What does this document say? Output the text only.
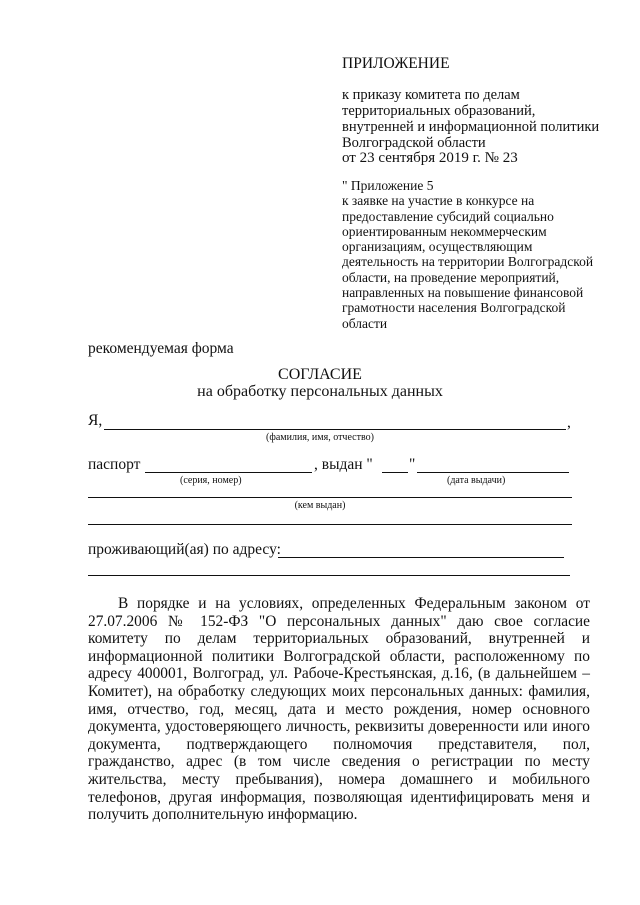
ПРИЛОЖЕНИЕ
к приказу комитета по делам
территориальных образований,
внутренней и информационной политики
Волгоградской области
от 23 сентября 2019 г. № 23
" Приложение 5
к заявке на участие в конкурсе на
предоставление субсидий социально
ориентированным некоммерческим
организациям, осуществляющим
деятельность на территории Волгоградской
области, на проведение мероприятий,
направленных на повышение финансовой
грамотности населения Волгоградской
области
рекомендуемая форма
СОГЛАСИЕ
на обработку персональных данных
Я,	,
(фамилия, имя, отчество)
паспорт	, выдан " "
(серия, номер)	(дата выдачи)
(кем выдан)
проживающий(ая) по адресу:
В порядке и на условиях, определенных Федеральным законом от 27.07.2006 № 152-ФЗ "О персональных данных" даю свое согласие комитету по делам территориальных образований, внутренней и информационной политики Волгоградской области, расположенному по адресу 400001, Волгоград, ул. Рабоче-Крестьянская, д.16, (в дальнейшем – Комитет), на обработку следующих моих персональных данных: фамилия, имя, отчество, год, месяц, дата и место рождения, номер основного документа, удостоверяющего личность, реквизиты доверенности или иного документа, подтверждающего полномочия представителя, пол, гражданство, адрес (в том числе сведения о регистрации по месту жительства, месту пребывания), номера домашнего и мобильного телефонов, другая информация, позволяющая идентифицировать меня и получить дополнительную информацию.
